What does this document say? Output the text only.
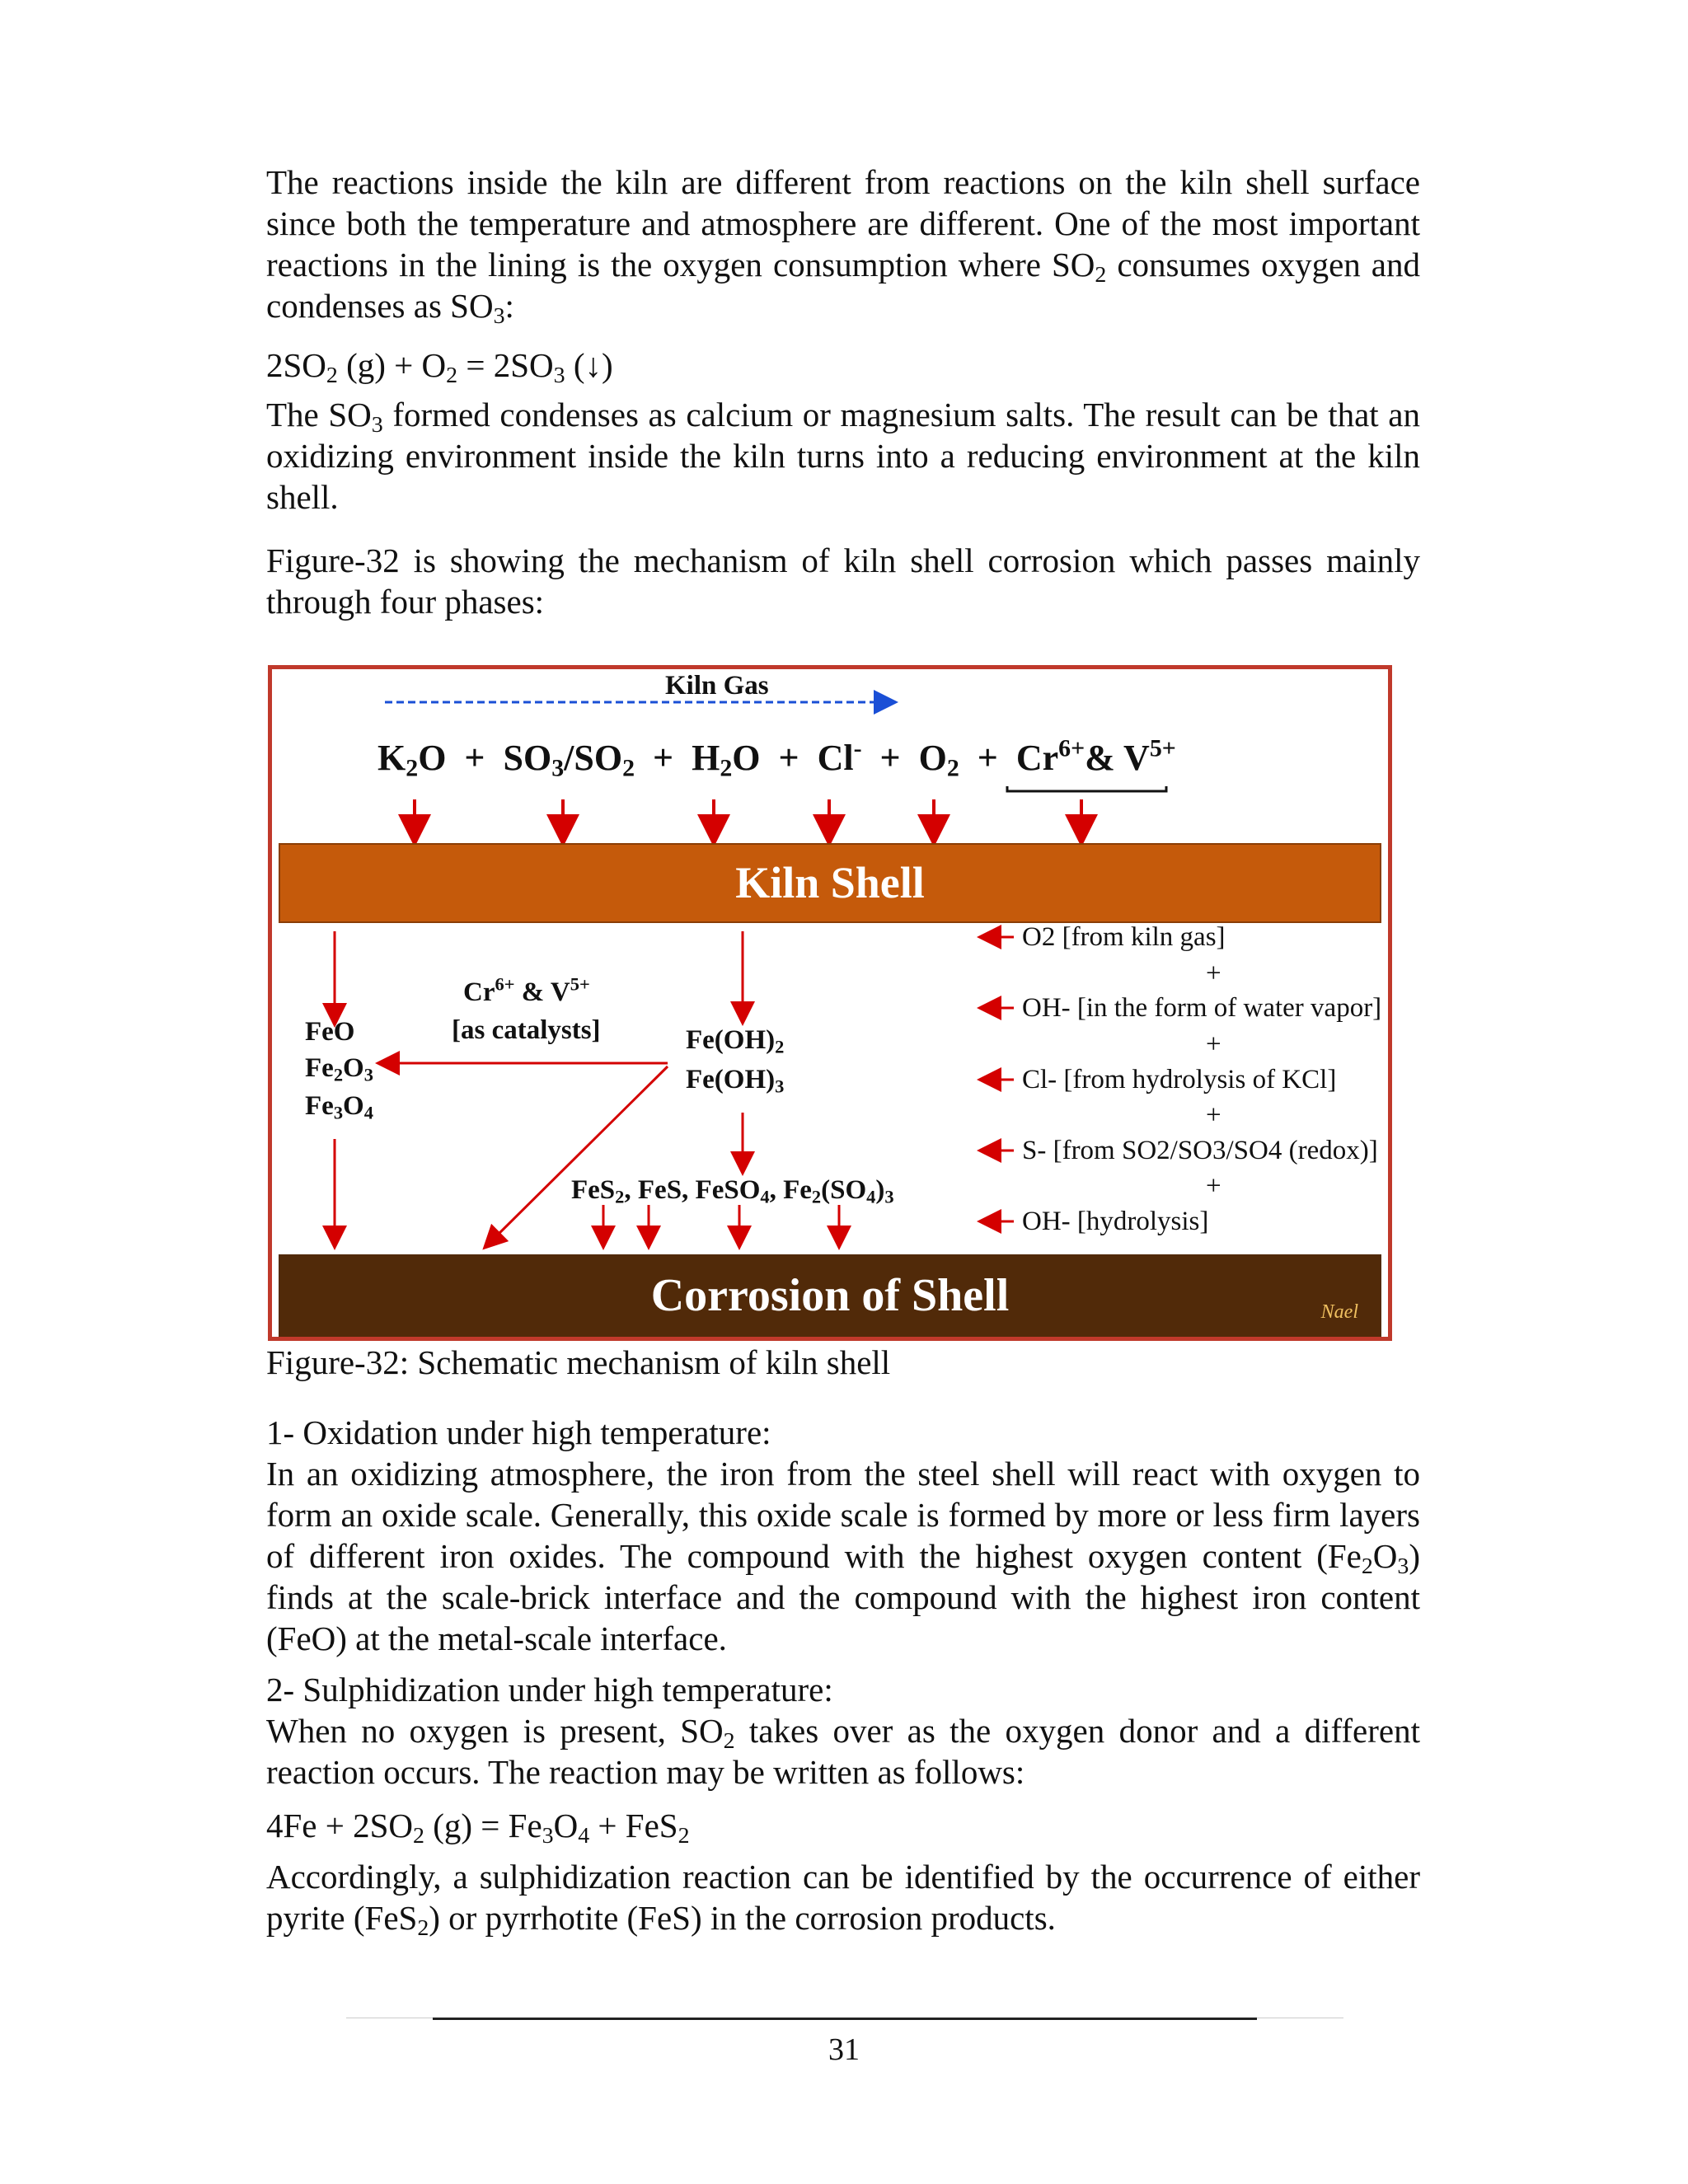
The reactions inside the kiln are different from reactions on the kiln shell surface since both the temperature and atmosphere are different. One of the most important reactions in the lining is the oxygen consumption where $SO_2$ consumes oxygen and condenses as $SO_3$:
$2SO_2$ $(g) + O_2 = 2SO_3$ (↓)
The $SO_3$ formed condenses as calcium or magnesium salts. The result can be that an oxidizing environment inside the kiln turns into a reducing environment at the kiln shell.
Figure-32 is showing the mechanism of kiln shell corrosion which passes mainly through four phases:
Kiln Gas
$K_2O + SO_3/SO_2 + H_2O + Cl^- + O_2$  +  $Cr^{6+}\&$ $V^{5+}$
Kiln Shell
FeO
$Fe_2O_3$
$Fe_3O_4$
$Cr^{6+}$ & $V^{5+}$
[as catalysts]	$Fe(OH)_2$
$Fe(OH)_3$
FeS$_2$, FeS, FeSO$_4$, $Fe_2(SO_4)_3$
O2 [from kiln gas]
+
OH- [in the form of water vapor]
+
Cl- [from hydrolysis of KCl]
+
S- [from SO2/SO3/SO4 (redox)]
+
OH- [hydrolysis]
Corrosion of Shell	Nael
Figure-32: Schematic mechanism of kiln shell
1- Oxidation under high temperature:
In an oxidizing atmosphere, the iron from the steel shell will react with oxygen to form an oxide scale. Generally, this oxide scale is formed by more or less firm layers of different iron oxides. The compound with the highest oxygen content $(Fe_2O_3)$ finds at the scale-brick interface and the compound with the highest iron content (FeO) at the metal-scale interface.
2- Sulphidization under high temperature:
When no oxygen is present, $SO_2$ takes over as the oxygen donor and a different reaction occurs. The reaction may be written as follows:
$4Fe + 2SO_2$ $(g) = Fe_3O_4 + FeS_2$
Accordingly, a sulphidization reaction can be identified by the occurrence of either pyrite (FeS$_2$) or pyrrhotite (FeS) in the corrosion products.
31
